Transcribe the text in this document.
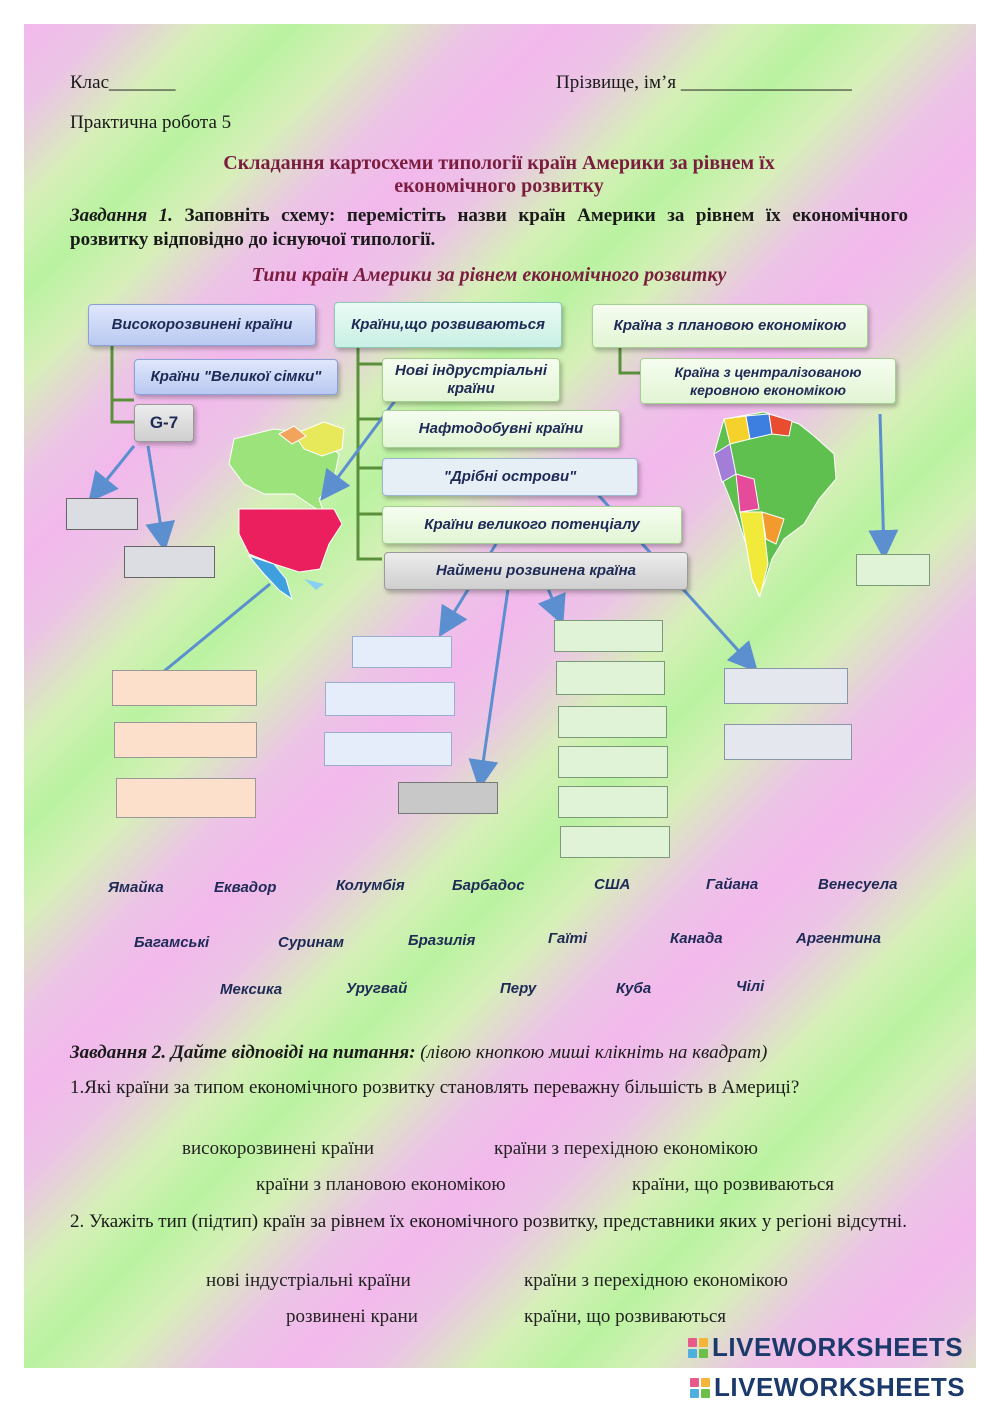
Клас_______	Прізвище, ім’я __________________
Практична робота 5
Складання картосхеми типології країн Америки за рівнем їх
економічного розвитку
Завдання 1. Заповніть схему: перемістіть назви країн Америки за рівнем їх економічного розвитку відповідно до існуючої типології.
Типи країн Америки за рівнем економічного розвитку
Високорозвинені країни
Країни "Великої сімки"
G-7
Країни,що розвиваються
Нові індрустріальні країни
Нафтодобувні країни
"Дрібні острови"
Країни великого потенціалу
Наймени розвинена країна
Країна з плановою економікою
Країна з централізованою керовною економікою
Ямайка	Еквадор	Колумбія	Барбадос	США	Гайана	Венесуела
Багамські	Суринам	Бразилія	Гаїті	Канада	Аргентина
Мексика	Уругвай	Перу	Куба	Чілі
Завдання 2. Дайте відповіді на питання: (лівою кнопкою миші клікніть на квадрат)
1.Які країни за типом економічного розвитку становлять переважну більшість в Америці?
високорозвинені країни	країни з перехідною економікою
країни з плановою економікою	країни, що розвиваються
2. Укажіть тип (підтип) країн за рівнем їх економічного розвитку, представники яких у регіоні відсутні.
нові індустріальні країни	країни з перехідною економікою
розвинені крани	країни, що розвиваються
LIVEWORKSHEETS
LIVEWORKSHEETS
